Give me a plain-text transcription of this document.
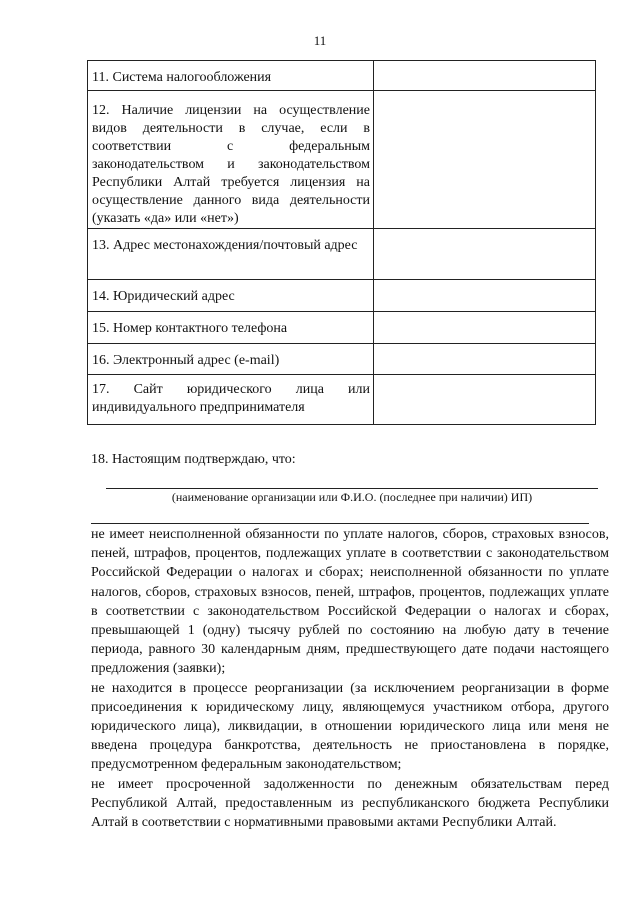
11
11. Система налогообложения	

12. Наличие лицензии на осуществление видов деятельности в случае, если в соответствии с федеральным законодательством и законодательством Республики Алтай требуется лицензия на осуществление данного вида деятельности (указать «да» или «нет»)	

13. Адрес местонахождения/почтовый адрес	

14. Юридический адрес	

15. Номер контактного телефона	

16. Электронный адрес (e-mail)	

17. Сайт юридического лица или индивидуального предпринимателя	

18. Настоящим подтверждаю, что:
(наименование организации или Ф.И.О. (последнее при наличии) ИП)

не имеет неисполненной обязанности по уплате налогов, сборов, страховых взносов, пеней, штрафов, процентов, подлежащих уплате в соответствии с законодательством Российской Федерации о налогах и сборах; неисполненной обязанности по уплате налогов, сборов, страховых взносов, пеней, штрафов, процентов, подлежащих уплате в соответствии с законодательством Российской Федерации о налогах и сборах, превышающей 1 (одну) тысячу рублей по состоянию на любую дату в течение периода, равного 30 календарным дням, предшествующего дате подачи настоящего предложения (заявки);

не находится в процессе реорганизации (за исключением реорганизации в форме присоединения к юридическому лицу, являющемуся участником отбора, другого юридического лица), ликвидации, в отношении юридического лица или меня не введена процедура банкротства, деятельность не приостановлена в порядке, предусмотренном федеральным законодательством;

не имеет просроченной задолженности по денежным обязательствам перед Республикой Алтай, предоставленным из республиканского бюджета Республики Алтай в соответствии с нормативными правовыми актами Республики Алтай.
